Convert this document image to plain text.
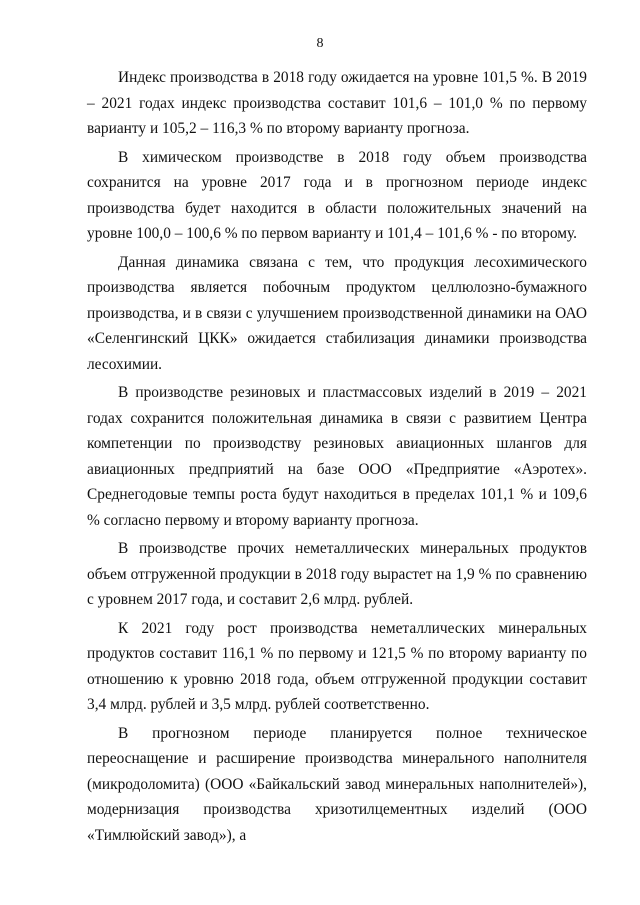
8

Индекс производства в 2018 году ожидается на уровне 101,5 %. В 2019 – 2021 годах индекс производства составит 101,6 – 101,0 % по первому варианту и 105,2 – 116,3 % по второму варианту прогноза.

В химическом производстве в 2018 году объем производства сохранится на уровне 2017 года и в прогнозном периоде индекс производства будет находится в области положительных значений на уровне 100,0 – 100,6 % по первом варианту и 101,4 – 101,6 % - по второму.

Данная динамика связана с тем, что продукция лесохимического производства является побочным продуктом целлюлозно-бумажного производства, и в связи с улучшением производственной динамики на ОАО «Селенгинский ЦКК» ожидается стабилизация динамики производства лесохимии.

В производстве резиновых и пластмассовых изделий в 2019 – 2021 годах сохранится положительная динамика в связи с развитием Центра компетенции по производству резиновых авиационных шлангов для авиационных предприятий на базе ООО «Предприятие «Аэротех». Среднегодовые темпы роста будут находиться в пределах 101,1 % и 109,6 % согласно первому и второму варианту прогноза.

В производстве прочих неметаллических минеральных продуктов объем отгруженной продукции в 2018 году вырастет на 1,9 % по сравнению с уровнем 2017 года, и составит 2,6 млрд. рублей.

К 2021 году рост производства неметаллических минеральных продуктов составит 116,1 % по первому и 121,5 % по второму варианту по отношению к уровню 2018 года, объем отгруженной продукции составит 3,4 млрд. рублей и 3,5 млрд. рублей соответственно.

В прогнозном периоде планируется полное техническое переоснащение и расширение производства минерального наполнителя (микродоломита) (ООО «Байкальский завод минеральных наполнителей»), модернизация производства хризотилцементных изделий (ООО «Тимлюйский завод»), а
